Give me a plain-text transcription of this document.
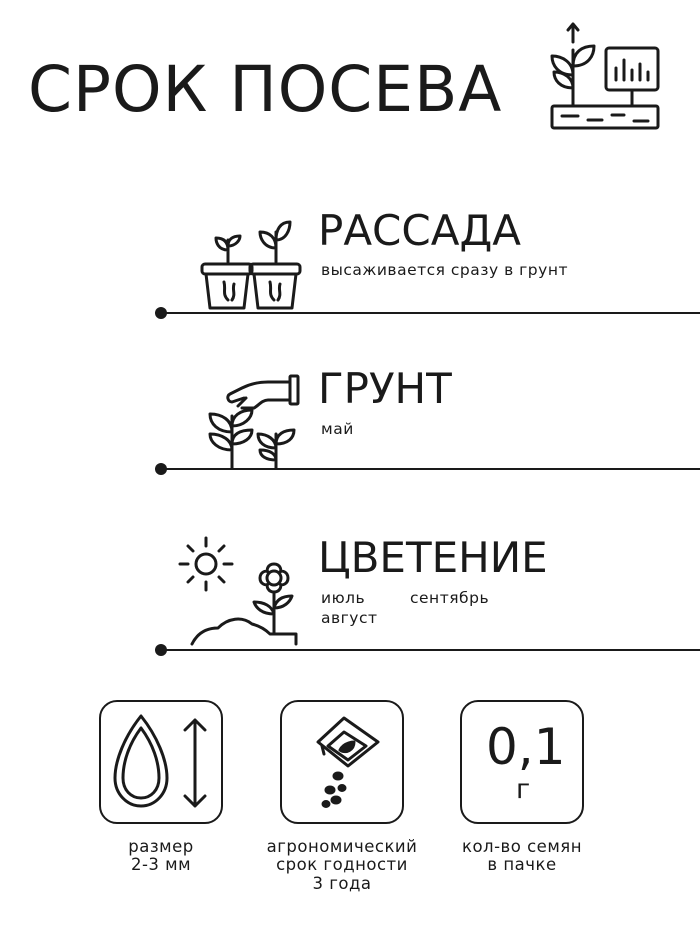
СРОК ПОСЕВА
РАССАДА
высаживается сразу в грунт
ГРУНТ
май
ЦВЕТЕНИЕ
июль	сентябрь
август
размер
2-3 мм
агрономический
срок годности
3 года
0,1
г
кол-во семян
в пачке
